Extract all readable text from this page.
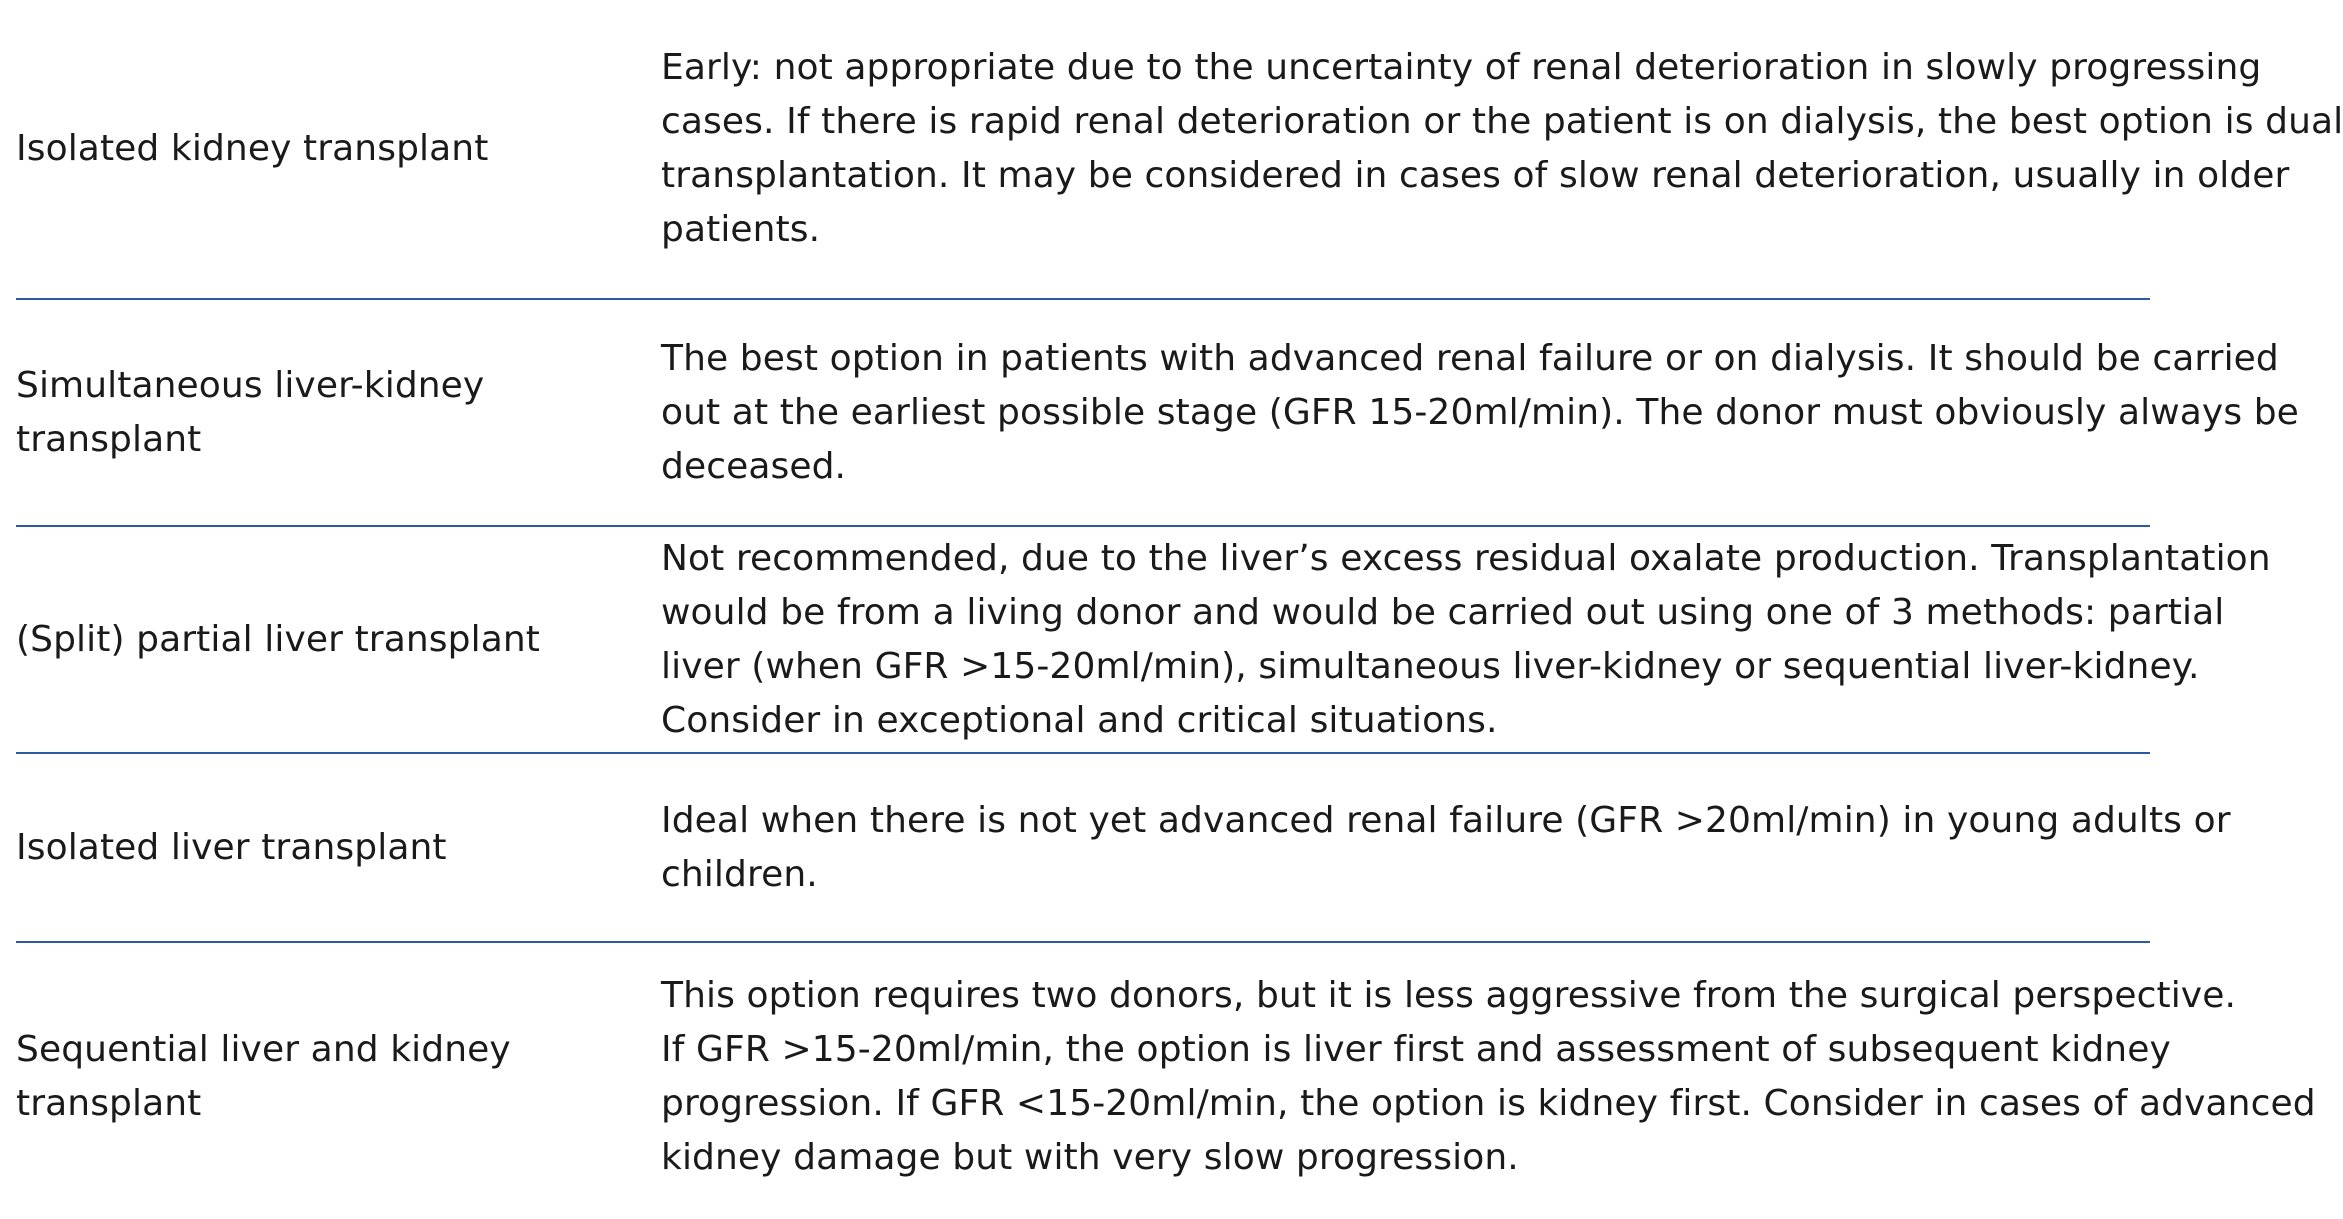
Isolated kidney transplant
Early: not appropriate due to the uncertainty of renal deterioration in slowly progressing
cases. If there is rapid renal deterioration or the patient is on dialysis, the best option is dual
transplantation. It may be considered in cases of slow renal deterioration, usually in older
patients.
Simultaneous liver-kidney transplant
The best option in patients with advanced renal failure or on dialysis. It should be carried
out at the earliest possible stage (GFR 15-20ml/min). The donor must obviously always be
deceased.
(Split) partial liver transplant
Not recommended, due to the liver’s excess residual oxalate production. Transplantation
would be from a living donor and would be carried out using one of 3 methods: partial
liver (when GFR >15-20ml/min), simultaneous liver-kidney or sequential liver-kidney.
Consider in exceptional and critical situations.
Isolated liver transplant
Ideal when there is not yet advanced renal failure (GFR >20ml/min) in young adults or
children.
Sequential liver and kidney transplant
This option requires two donors, but it is less aggressive from the surgical perspective.
If GFR >15-20ml/min, the option is liver first and assessment of subsequent kidney
progression. If GFR <15-20ml/min, the option is kidney first. Consider in cases of advanced
kidney damage but with very slow progression.
